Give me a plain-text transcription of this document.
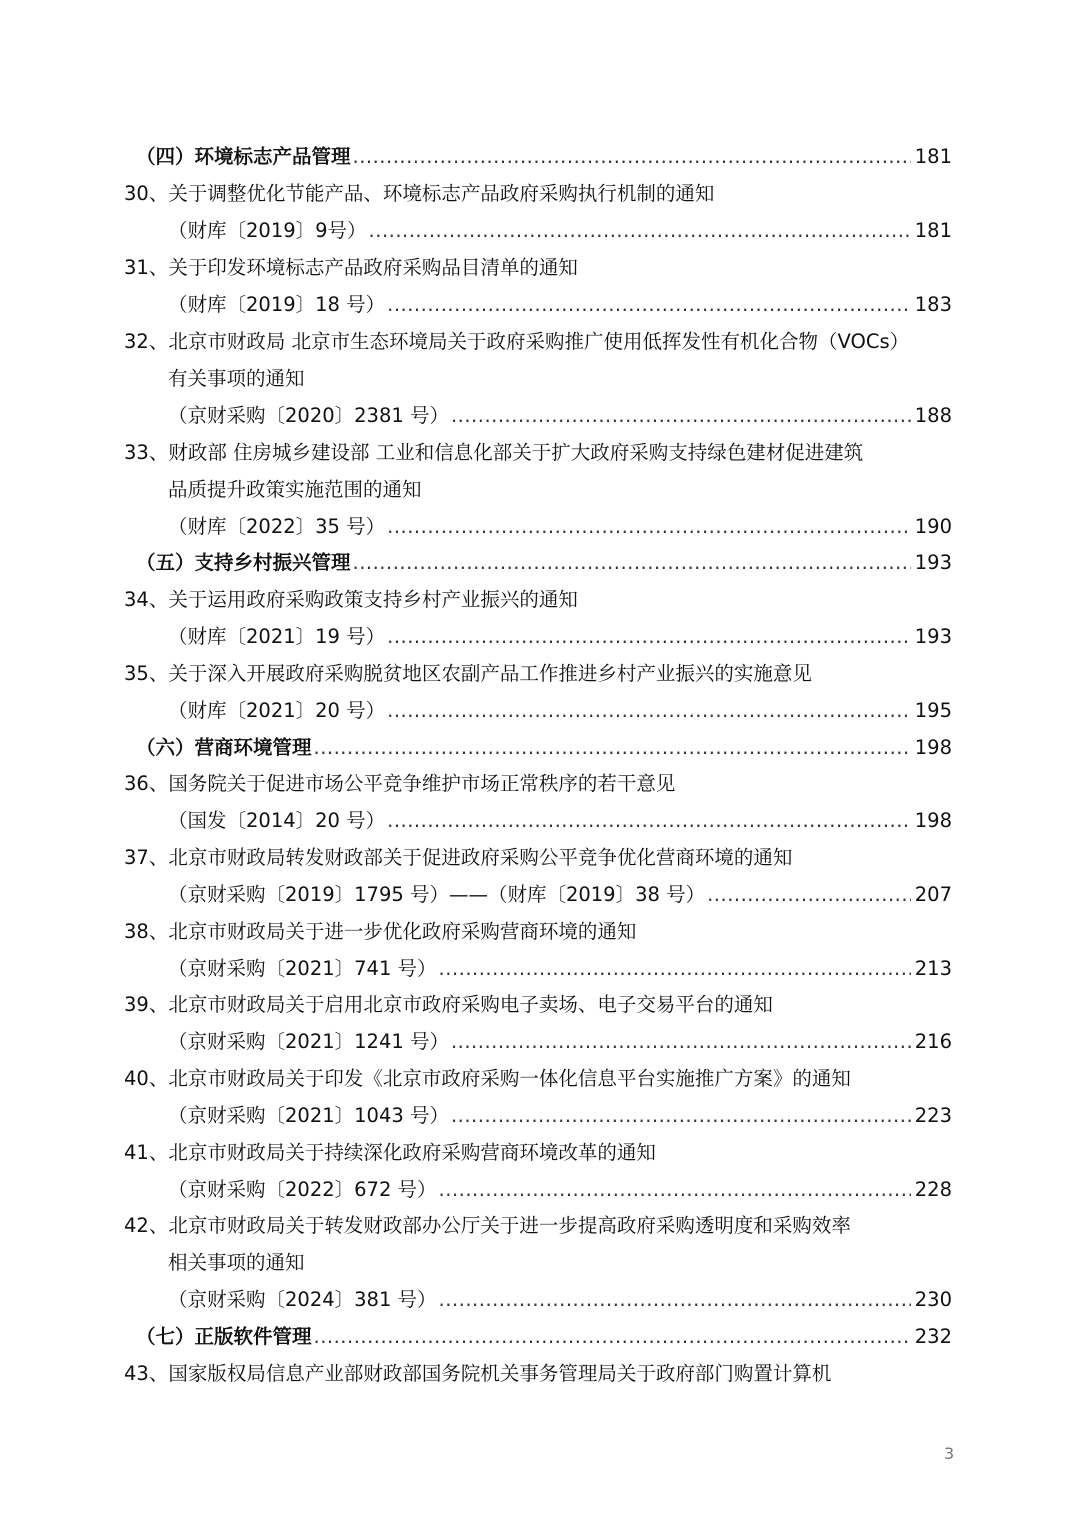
（四）环境标志产品管理 .....	181
30、关于调整优化节能产品、环境标志产品政府采购执行机制的通知
（财库〔2019〕9号） .....	181
31、关于印发环境标志产品政府采购品目清单的通知
（财库〔2019〕18 号） .....	183
32、北京市财政局 北京市生态环境局关于政府采购推广使用低挥发性有机化合物（VOCs）
有关事项的通知
（京财采购〔2020〕2381 号） .....	188
33、财政部 住房城乡建设部 工业和信息化部关于扩大政府采购支持绿色建材促进建筑
品质提升政策实施范围的通知
（财库〔2022〕35 号） .....	190
（五）支持乡村振兴管理 .....	193
34、关于运用政府采购政策支持乡村产业振兴的通知
（财库〔2021〕19 号） .....	193
35、关于深入开展政府采购脱贫地区农副产品工作推进乡村产业振兴的实施意见
（财库〔2021〕20 号） .....	195
（六）营商环境管理 .....	198
36、国务院关于促进市场公平竞争维护市场正常秩序的若干意见
（国发〔2014〕20 号） .....	198
37、北京市财政局转发财政部关于促进政府采购公平竞争优化营商环境的通知
（京财采购〔2019〕1795 号）——（财库〔2019〕38 号） .....	207
38、北京市财政局关于进一步优化政府采购营商环境的通知
（京财采购〔2021〕741 号） .....	213
39、北京市财政局关于启用北京市政府采购电子卖场、电子交易平台的通知
（京财采购〔2021〕1241 号） .....	216
40、北京市财政局关于印发《北京市政府采购一体化信息平台实施推广方案》的通知
（京财采购〔2021〕1043 号） .....	223
41、北京市财政局关于持续深化政府采购营商环境改革的通知
（京财采购〔2022〕672 号） .....	228
42、北京市财政局关于转发财政部办公厅关于进一步提高政府采购透明度和采购效率
相关事项的通知
（京财采购〔2024〕381 号） .....	230
（七）正版软件管理 .....	232
43、国家版权局信息产业部财政部国务院机关事务管理局关于政府部门购置计算机
3
